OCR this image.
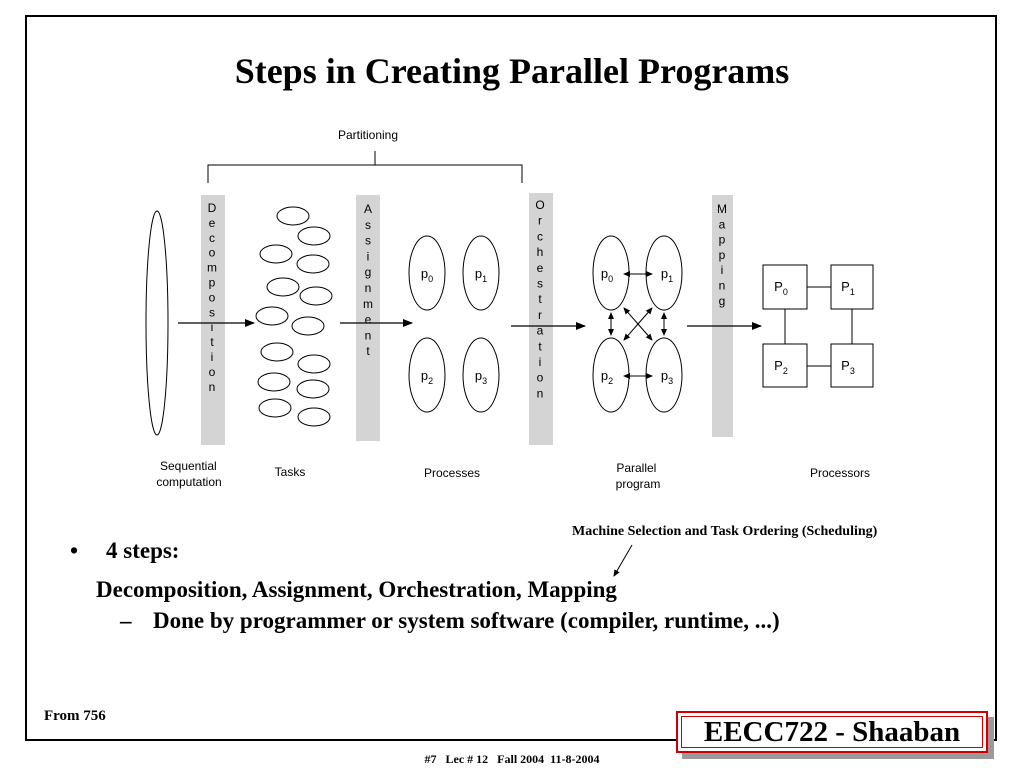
Steps in Creating Parallel Programs
Partitioning
D
e
c
o
m
p
o
s
i
t
i
o
n
A
s
s
i
g
n
m
e
n
t
O
r
c
h
e
s
t
r
a
t
i
o
n
M
a
p
p
i
n
g
$p_0$	$p_1$
$p_2$	$p_3$
$p_0$	$p_1$
$p_2$	$p_3$
$P_0$	$P_1$
$P_2$	$P_3$
Sequential computation
Tasks	Processes	Parallel program
Processors
Machine Selection and Task Ordering (Scheduling)
• 4 steps:
Decomposition, Assignment, Orchestration, Mapping
– Done by programmer or system software (compiler, runtime, ...)
From 756	EECC722 - Shaaban
#7   Lec # 12   Fall 2004  11-8-2004
